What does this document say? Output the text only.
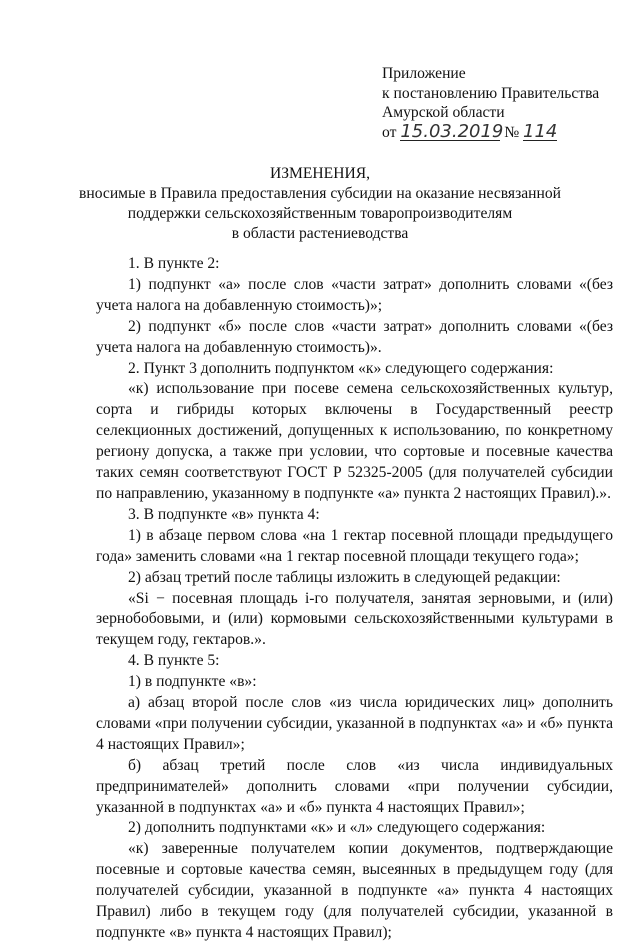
Приложение
к постановлению Правительства
Амурской области
от 15.03.2019 № 114
ИЗМЕНЕНИЯ,
вносимые в Правила предоставления субсидии на оказание несвязанной
поддержки сельскохозяйственным товаропроизводителям
в области растениеводства

1. В пункте 2:

1) подпункт «а» после слов «части затрат» дополнить словами «(без учета налога на добавленную стоимость)»;

2) подпункт «б» после слов «части затрат» дополнить словами «(без учета налога на добавленную стоимость)».

2. Пункт 3 дополнить подпунктом «к» следующего содержания:

«к) использование при посеве семена сельскохозяйственных культур, сорта и гибриды которых включены в Государственный реестр селекционных достижений, допущенных к использованию, по конкретному региону допуска, а также при условии, что сортовые и посевные качества таких семян соответствуют ГОСТ Р 52325-2005 (для получателей субсидии по направлению, указанному в подпункте «а» пункта 2 настоящих Правил).».

3. В подпункте «в» пункта 4:

1) в абзаце первом слова «на 1 гектар посевной площади предыдущего года» заменить словами «на 1 гектар посевной площади текущего года»;

2) абзац третий после таблицы изложить в следующей редакции:

«Si − посевная площадь i-го получателя, занятая зерновыми, и (или) зернобобовыми, и (или) кормовыми сельскохозяйственными культурами в текущем году, гектаров.».

4. В пункте 5:

1) в подпункте «в»:

а) абзац второй после слов «из числа юридических лиц» дополнить словами «при получении субсидии, указанной в подпунктах «а» и «б» пункта 4 настоящих Правил»;

б) абзац третий после слов «из числа индивидуальных предпринимателей» дополнить словами «при получении субсидии, указанной в подпунктах «а» и «б» пункта 4 настоящих Правил»;

2) дополнить подпунктами «к» и «л» следующего содержания:

«к) заверенные получателем копии документов, подтверждающие посевные и сортовые качества семян, высеянных в предыдущем году (для получателей субсидии, указанной в подпункте «а» пункта 4 настоящих Правил) либо в текущем году (для получателей субсидии, указанной в подпункте «в» пункта 4 настоящих Правил);
